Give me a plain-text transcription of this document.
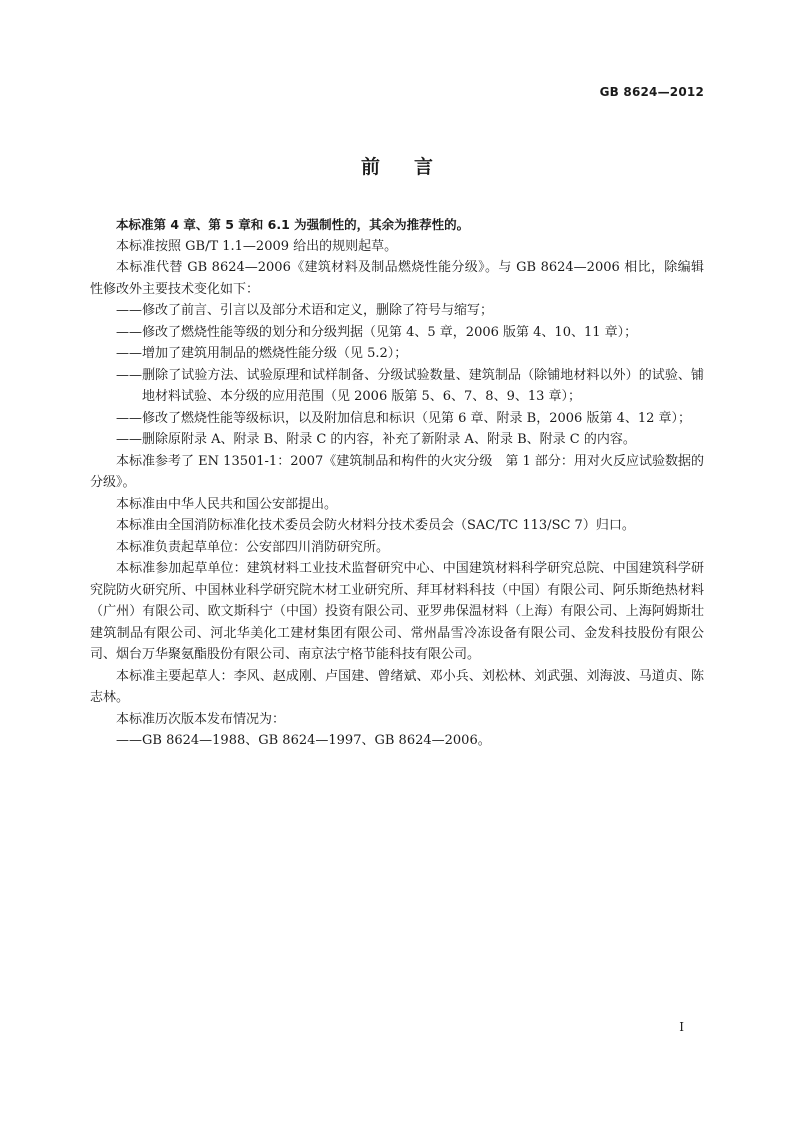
GB 8624—2012
前言

本标准第 4 章、第 5 章和 6.1 为强制性的，其余为推荐性的。

本标准按照 GB/T 1.1—2009 给出的规则起草。

本标准代替 GB 8624—2006《建筑材料及制品燃烧性能分级》。与 GB 8624—2006 相比，除编辑性修改外主要技术变化如下：

——修改了前言、引言以及部分术语和定义，删除了符号与缩写；

——修改了燃烧性能等级的划分和分级判据（见第 4、5 章，2006 版第 4、10、11 章）；

——增加了建筑用制品的燃烧性能分级（见 5.2）；

——删除了试验方法、试验原理和试样制备、分级试验数量、建筑制品（除铺地材料以外）的试验、铺地材料试验、本分级的应用范围（见 2006 版第 5、6、7、8、9、13 章）；

——修改了燃烧性能等级标识，以及附加信息和标识（见第 6 章、附录 B，2006 版第 4、12 章）；

——删除原附录 A、附录 B、附录 C 的内容，补充了新附录 A、附录 B、附录 C 的内容。

本标准参考了 EN 13501-1：2007《建筑制品和构件的火灾分级　第 1 部分：用对火反应试验数据的分级》。

本标准由中华人民共和国公安部提出。

本标准由全国消防标准化技术委员会防火材料分技术委员会（SAC/TC 113/SC 7）归口。

本标准负责起草单位：公安部四川消防研究所。

本标准参加起草单位：建筑材料工业技术监督研究中心、中国建筑材料科学研究总院、中国建筑科学研究院防火研究所、中国林业科学研究院木材工业研究所、拜耳材料科技（中国）有限公司、阿乐斯绝热材料（广州）有限公司、欧文斯科宁（中国）投资有限公司、亚罗弗保温材料（上海）有限公司、上海阿姆斯壮建筑制品有限公司、河北华美化工建材集团有限公司、常州晶雪冷冻设备有限公司、金发科技股份有限公司、烟台万华聚氨酯股份有限公司、南京法宁格节能科技有限公司。

本标准主要起草人：李风、赵成刚、卢国建、曾绪斌、邓小兵、刘松林、刘武强、刘海波、马道贞、陈志林。

本标准历次版本发布情况为：

——GB 8624—1988、GB 8624—1997、GB 8624—2006。

I
